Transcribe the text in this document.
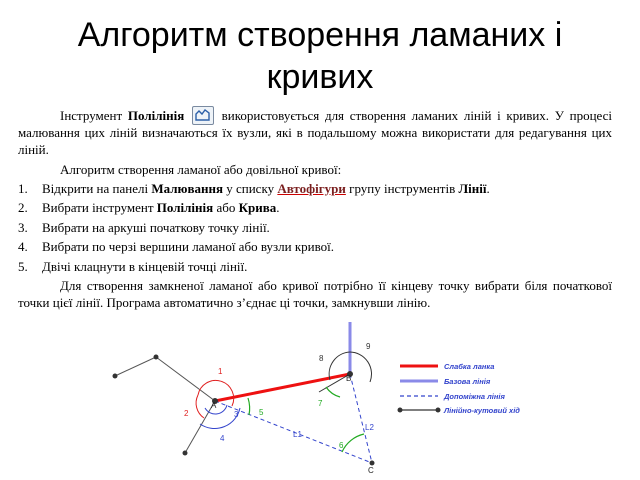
Алгоритм створення ламаних і
кривих

Інструмент Полілінія	використовується для створення ламаних ліній і кривих. У процесі малювання цих ліній визначаються їх вузли, які в подальшому можна використати для редагування цих ліній.

Алгоритм створення ламаної або довільної кривої:

1. Відкрити на панелі Малювання у списку Автофігури групу інструментів Лінії.
2. Вибрати інструмент Полілінія або Крива.
3. Вибрати на аркуші початкову точку лінії.
4. Вибрати по черзі вершини ламаної або вузли кривої.
5. Двічі клацнути в кінцевій точці лінії.

Для створення замкненої ламаної або кривої потрібно її кінцеву точку вибрати біля початкової точки цієї лінії. Програма автоматично з’єднає ці точки, замкнувши лінію.

A
B
C
1
2	3
4
5
6
7
8
9
L1
L2
Слабка ланка
Базова лінія
Допоміжна лінія
Лінійно-кутовий хід
